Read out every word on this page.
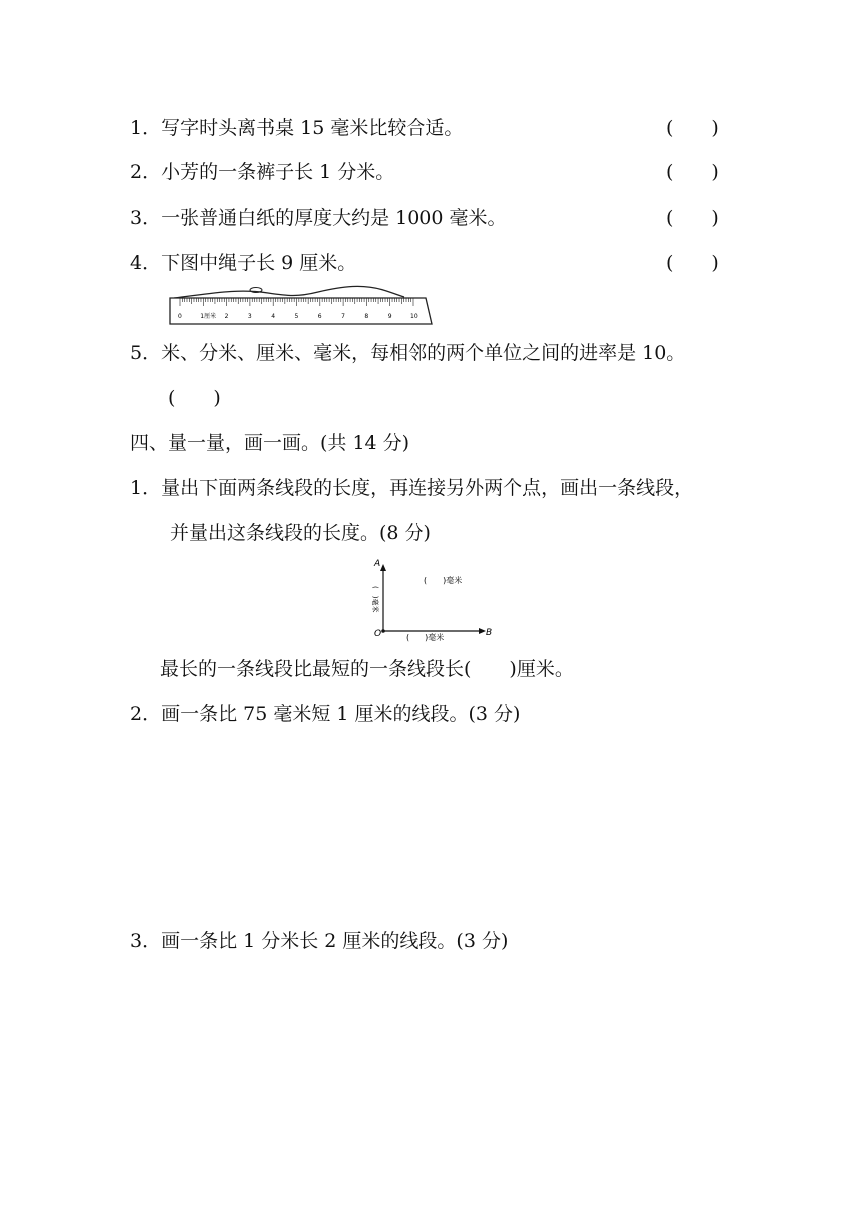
1．写字时头离书桌 15 毫米比较合适。	(　　)
2．小芳的一条裤子长 1 分米。	(　　)
3．一张普通白纸的厚度大约是 1000 毫米。	(　　)
4．下图中绳子长 9 厘米。	(　　)
0	1厘米 2	3	4	5	6	7	8	9	10
5．米、分米、厘米、毫米，每相邻的两个单位之间的进率是 10。
(　　)
四、量一量，画一画。(共 14 分)
1．量出下面两条线段的长度，再连接另外两个点，画出一条线段，
并量出这条线段的长度。(8 分)
A
O	B
(　　)毫米
(　　)毫米
(　)毫米
最长的一条线段比最短的一条线段长(　　)厘米。
2．画一条比 75 毫米短 1 厘米的线段。(3 分)
3．画一条比 1 分米长 2 厘米的线段。(3 分)
